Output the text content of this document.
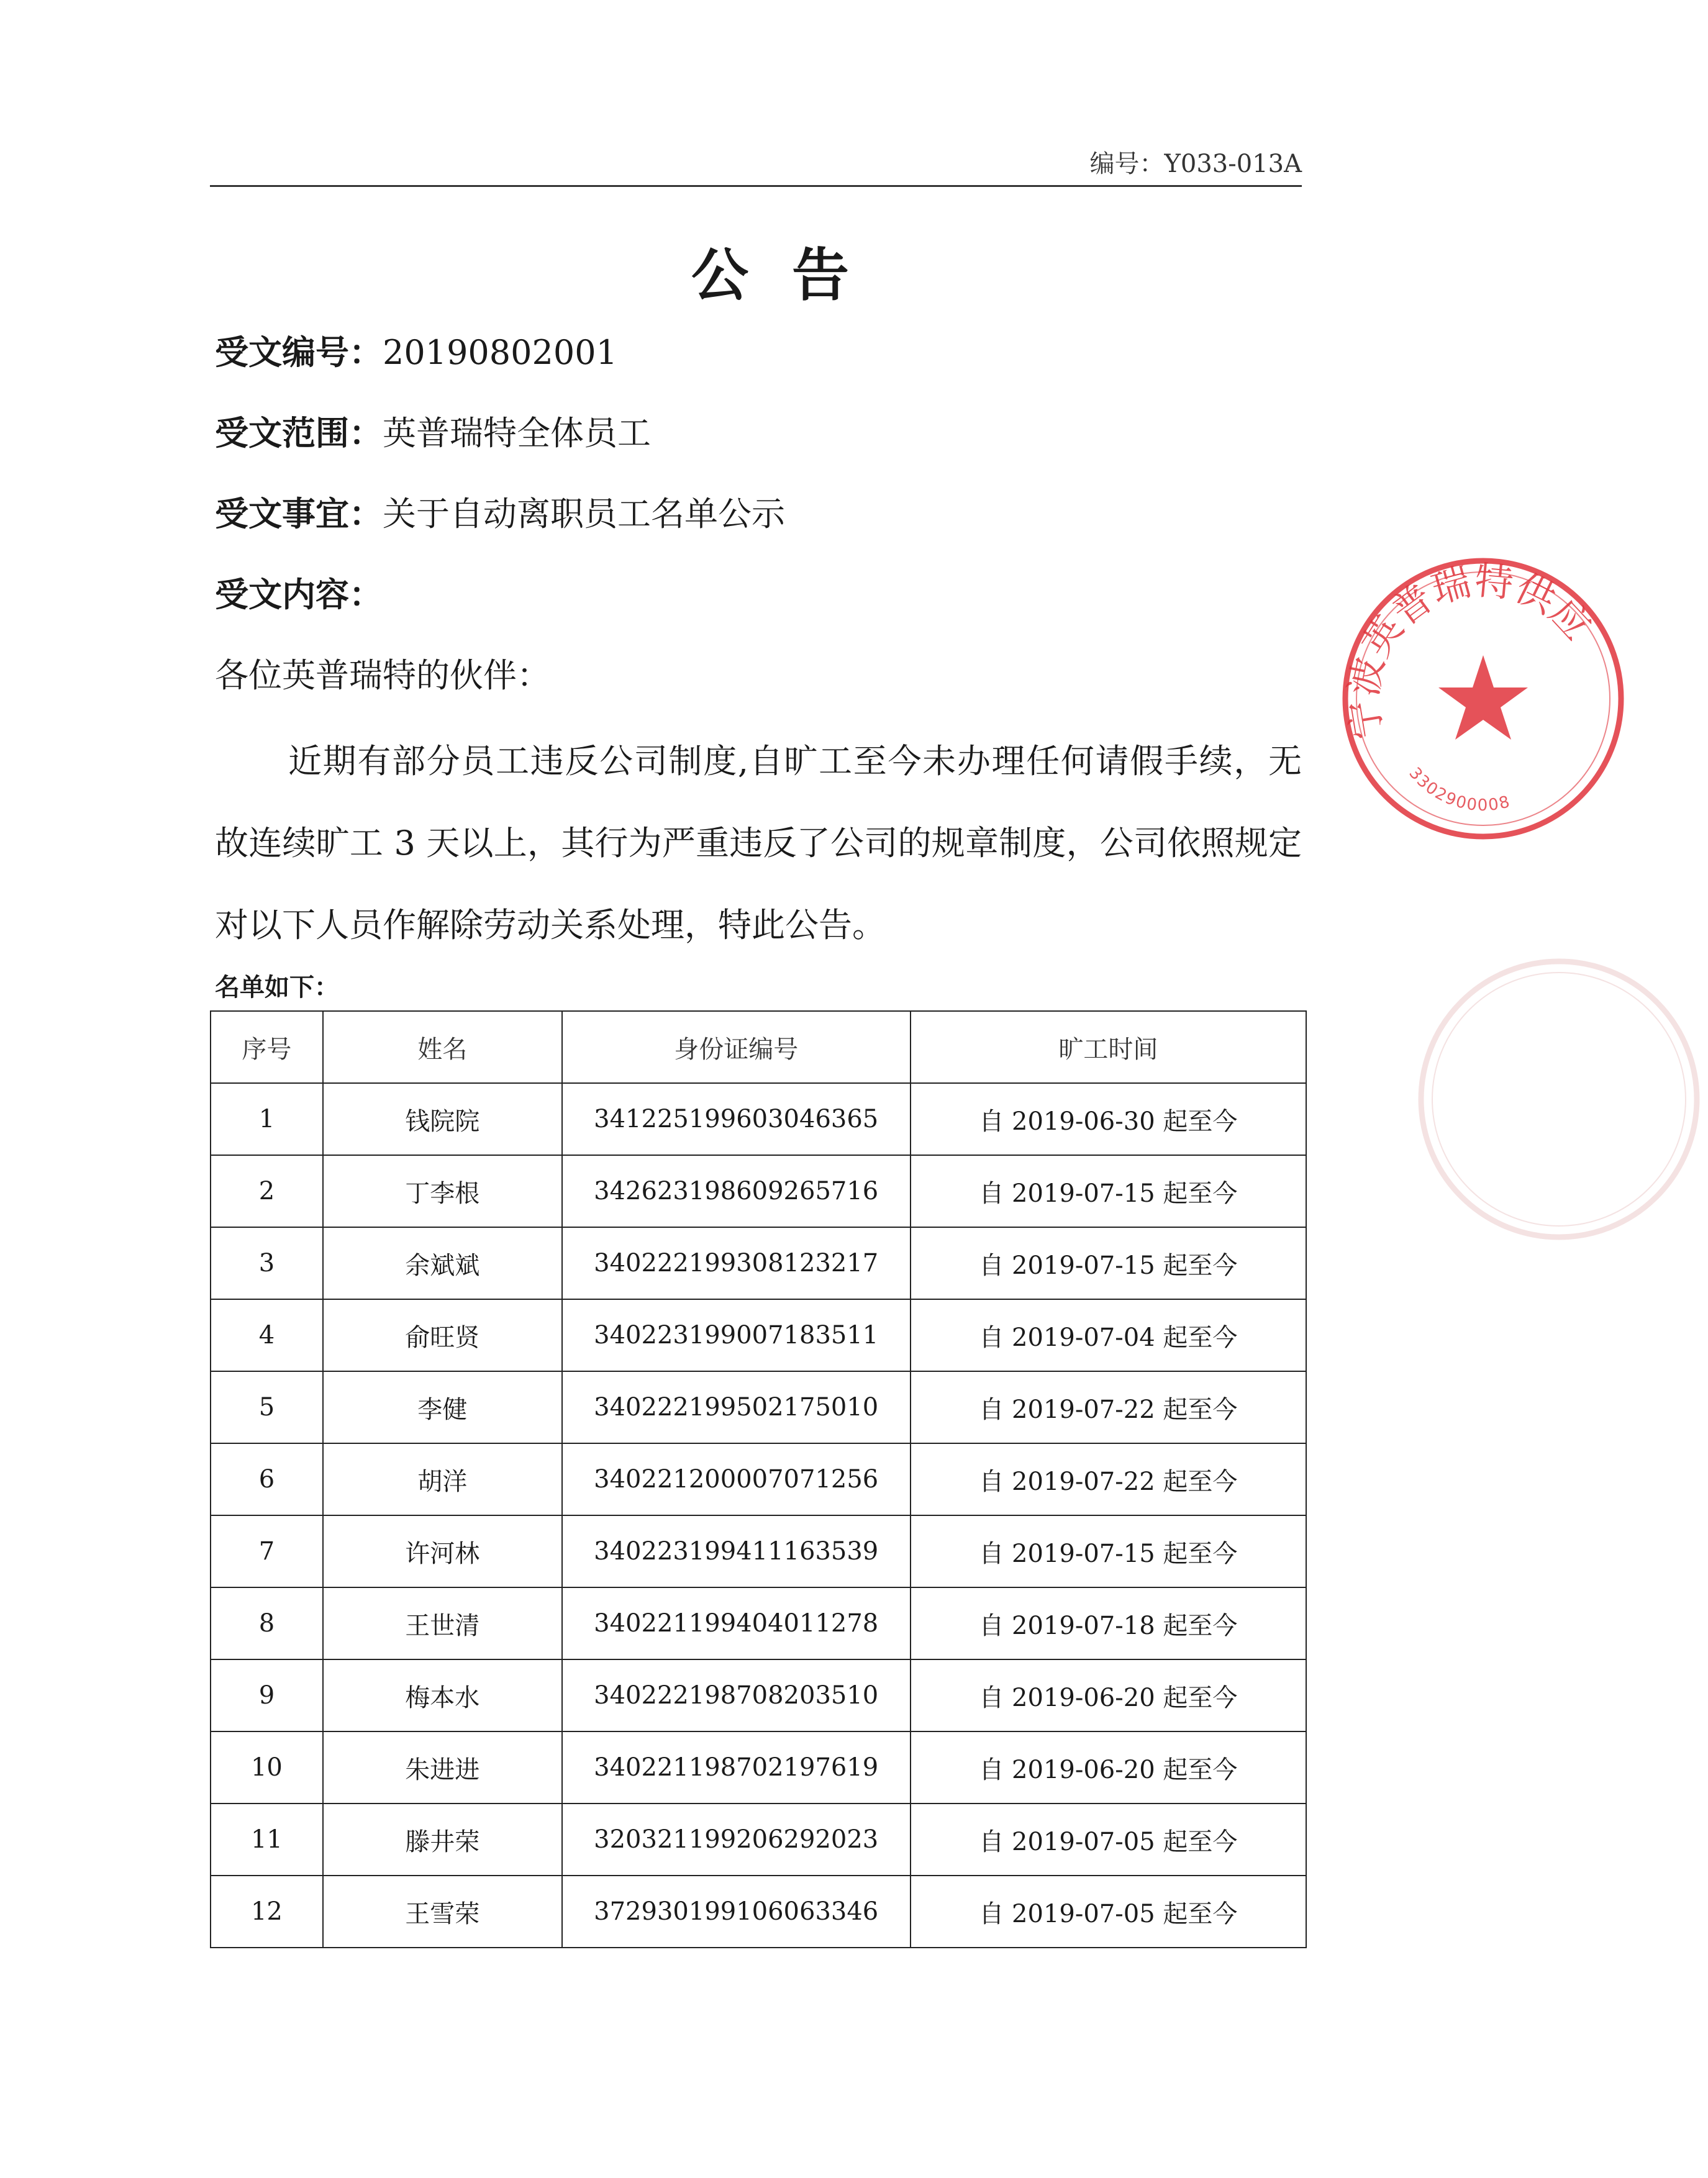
编号：Y033-013A
公告
受文编号：20190802001
受文范围：英普瑞特全体员工
受文事宜：关于自动离职员工名单公示
受文内容：
各位英普瑞特的伙伴：
近期有部分员工违反公司制度,自旷工至今未办理任何请假手续，无故连续旷工 3 天以上，其行为严重违反了公司的规章制度，公司依照规定对以下人员作解除劳动关系处理，特此公告。
名单如下：
序号	姓名	身份证编号	旷工时间
1	钱院院	341225199603046365	自 2019-06-30 起至今
2	丁李根	342623198609265716	自 2019-07-15 起至今
3	余斌斌	340222199308123217	自 2019-07-15 起至今
4	俞旺贤	340223199007183511	自 2019-07-04 起至今
5	李健	340222199502175010	自 2019-07-22 起至今
6	胡洋	340221200007071256	自 2019-07-22 起至今
7	许河林	340223199411163539	自 2019-07-15 起至今
8	王世清	340221199404011278	自 2019-07-18 起至今
9	梅本水	340222198708203510	自 2019-06-20 起至今
10	朱进进	340221198702197619	自 2019-06-20 起至今
11	滕井荣	320321199206292023	自 2019-07-05 起至今
12	王雪荣	372930199106063346	自 2019-07-05 起至今
宁波英普瑞特供应
3302900008
